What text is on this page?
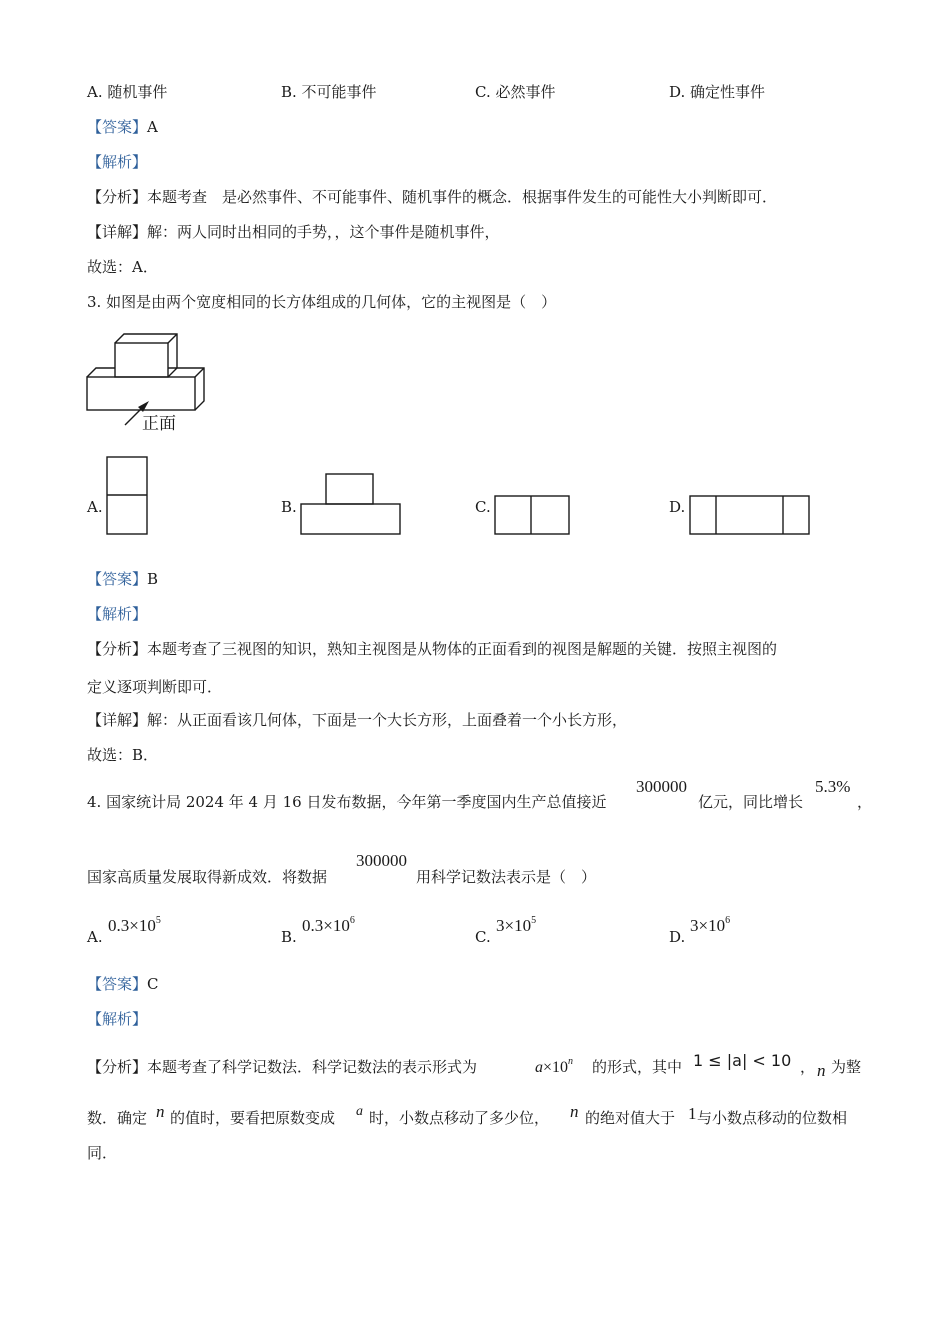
A. 随机事件	B. 不可能事件	C. 必然事件	D. 确定性事件
【答案】A
【解析】
【分析】本题考查　是必然事件、不可能事件、随机事件的概念．根据事件发生的可能性大小判断即可．
【详解】解：两人同时出相同的手势，，这个事件是随机事件，
故选：A．
3. 如图是由两个宽度相同的长方体组成的几何体，它的主视图是（　）
正面
A.	B.	C.	D.
【答案】B
【解析】
【分析】本题考查了三视图的知识，熟知主视图是从物体的正面看到的视图是解题的关键．按照主视图的
定义逐项判断即可．
【详解】解：从正面看该几何体，下面是一个大长方形，上面叠着一个小长方形，
故选：B．
4. 国家统计局 2024 年 4 月 16 日发布数据，今年第一季度国内生产总值接近
300000
亿元，同比增长
5.3%
，
国家高质量发展取得新成效．将数据
300000
用科学记数法表示是（　）
A.
$0.3\times 10^5$
B.
$0.3\times 10^6$
C.
$3\times 10^5$
D.
$3\times 10^6$
【答案】C
【解析】
【分析】本题考查了科学记数法．科学记数法的表示形式为	$a\times 10^n$ 的形式，其中 1 ≤ |a| < 10 ， n 为整
数．确定 n 的值时，要看把原数变成 a 时，小数点移动了多少位， n 的绝对值大于 1 与小数点移动的位数相
同．
